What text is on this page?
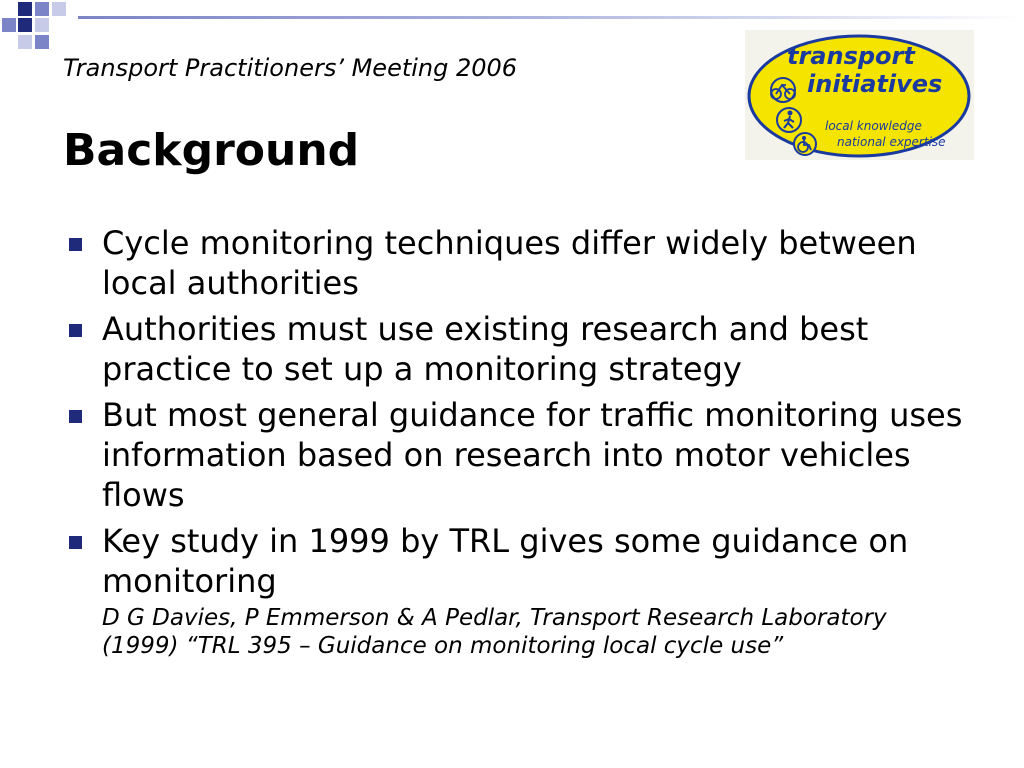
Transport Practitioners’ Meeting 2006
Background
transport
initiatives
local knowledge
national expertise
Cycle monitoring techniques differ widely between local authorities
Authorities must use existing research and best practice to set up a monitoring strategy
But most general guidance for traffic monitoring uses information based on research into motor vehicles flows
Key study in 1999 by TRL gives some guidance on monitoring
D G Davies, P Emmerson & A Pedlar, Transport Research Laboratory (1999) “TRL 395 – Guidance on monitoring local cycle use”
